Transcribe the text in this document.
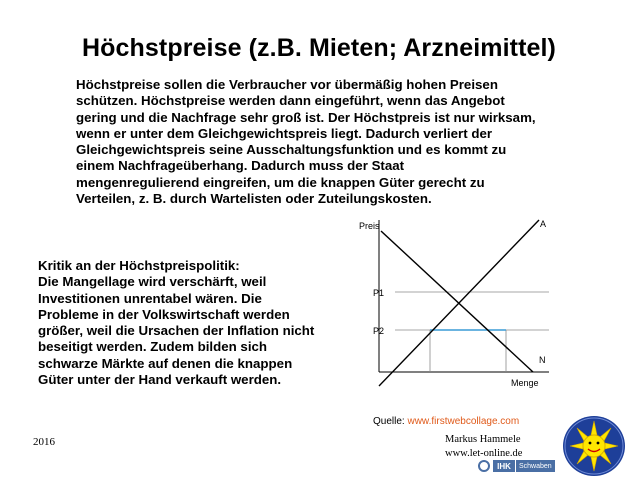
Höchstpreise (z.B. Mieten; Arzneimittel)
Höchstpreise sollen die Verbraucher vor übermäßig hohen Preisen
schützen. Höchstpreise werden dann eingeführt, wenn das Angebot
gering und die Nachfrage sehr groß ist. Der Höchstpreis ist nur wirksam,
wenn er unter dem Gleichgewichtspreis liegt. Dadurch verliert der
Gleichgewichtspreis seine Ausschaltungsfunktion und es kommt zu
einem Nachfrageüberhang. Dadurch muss der Staat
mengenregulierend eingreifen, um die knappen Güter gerecht zu
Verteilen, z. B. durch Wartelisten oder Zuteilungskosten.
Kritik an der Höchstpreispolitik:
Die Mangellage wird verschärft, weil
Investitionen unrentabel wären. Die
Probleme in der Volkswirtschaft werden
größer, weil die Ursachen der Inflation nicht
beseitigt werden. Zudem bilden sich
schwarze Märkte auf denen die knappen
Güter unter der Hand verkauft werden.
Preis	A
P1
P2
N
Menge
Quelle: www.firstwebcollage.com
2016	Markus Hammele
www.let-online.de
IHK	Schwaben
